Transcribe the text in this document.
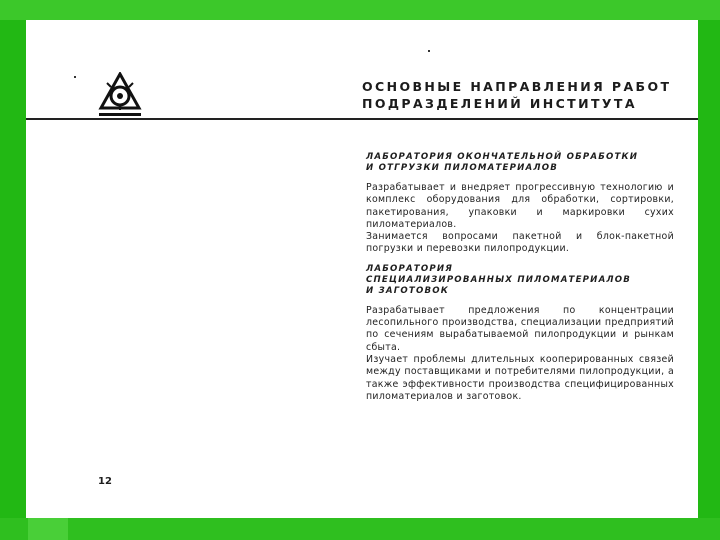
ОСНОВНЫЕ НАПРАВЛЕНИЯ РАБОТ
ПОДРАЗДЕЛЕНИЙ ИНСТИТУТА
ЛАБОРАТОРИЯ ОКОНЧАТЕЛЬНОЙ ОБРАБОТКИ
И ОТГРУЗКИ ПИЛОМАТЕРИАЛОВ

Разрабатывает и внедряет прогрессивную технологию и комплекс оборудования для обработки, сортировки, пакетирования, упаковки и маркировки сухих пиломатериалов.

Занимается вопросами пакетной и блок-пакетной погрузки и перевозки пилопродукции.

ЛАБОРАТОРИЯ
СПЕЦИАЛИЗИРОВАННЫХ ПИЛОМАТЕРИАЛОВ
И ЗАГОТОВОК

Разрабатывает предложения по концентрации лесопильного производства, специализации предприятий по сечениям вырабатываемой пилопродукции и рынкам сбыта.

Изучает проблемы длительных кооперированных связей между поставщиками и потребителями пилопродукции, а также эффективности производства специфицированных пиломатериалов и заготовок.

12
